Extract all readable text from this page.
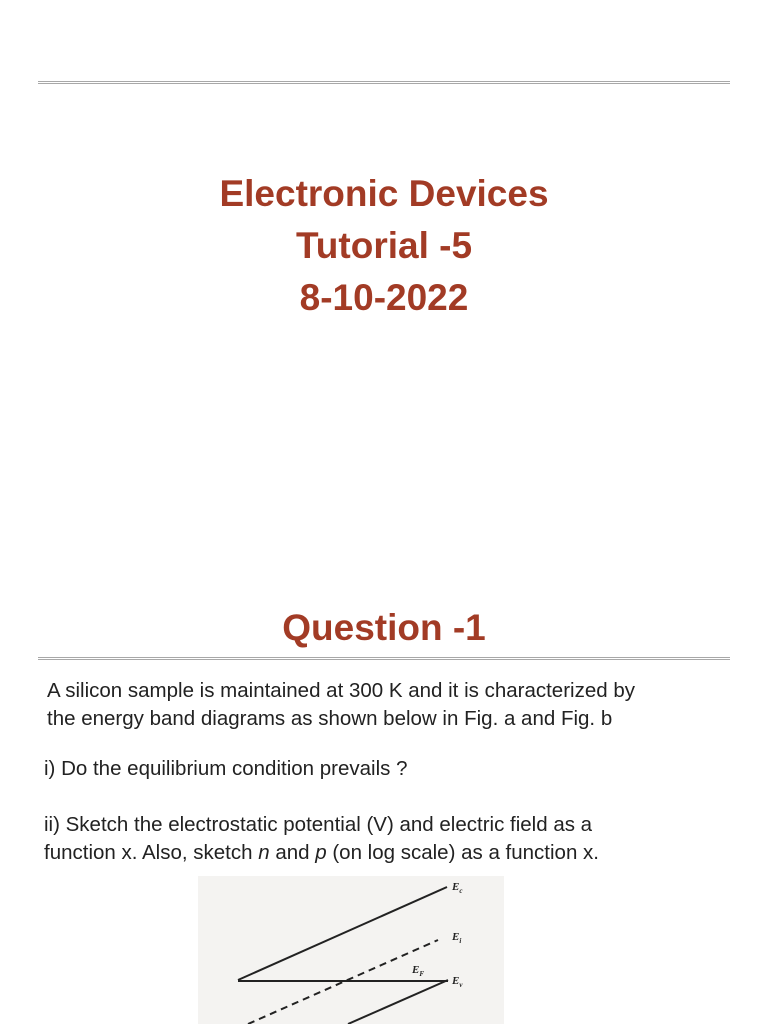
Electronic Devices
Tutorial -5
8-10-2022
Question -1
A silicon sample is maintained at 300 K and it is characterized by
the energy band diagrams as shown below in Fig. a and Fig. b
i) Do the equilibrium condition prevails ?
ii) Sketch the electrostatic potential (V) and electric field as a
function x. Also, sketch n and p (on log scale) as a function x.
$E_c$
$E_i$
$E_F$
$E_v$
